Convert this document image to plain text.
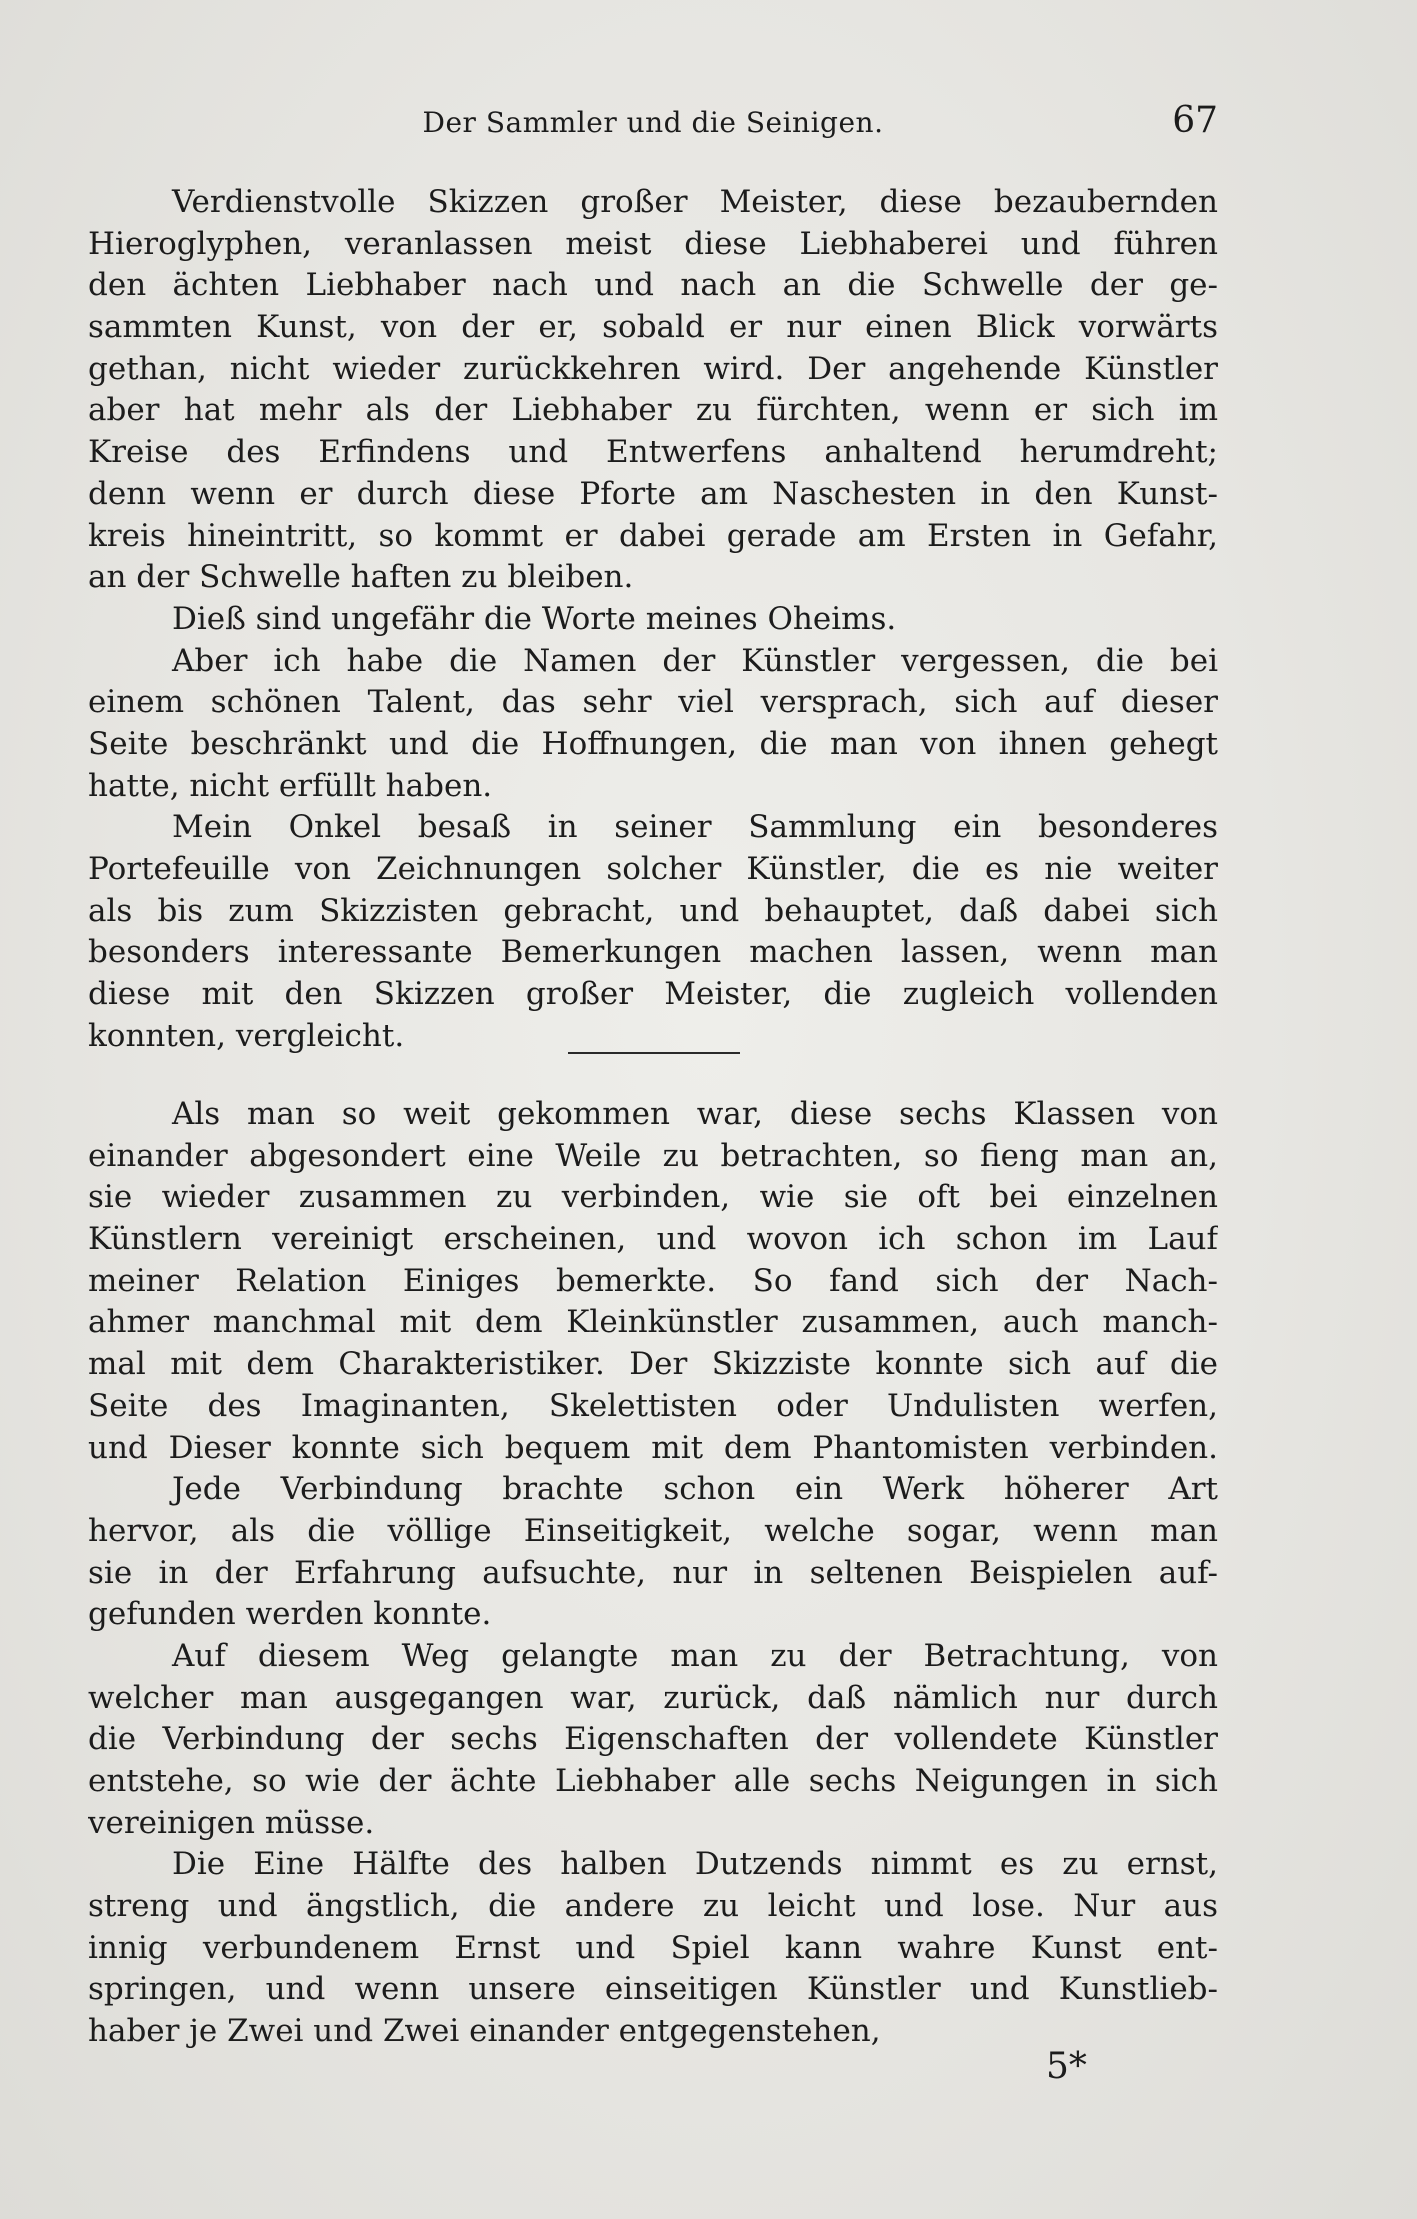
Der Sammler und die Seinigen.	67
Verdienstvolle Skizzen großer Meister, diese bezaubernden
Hieroglyphen, veranlassen meist diese Liebhaberei und führen
den ächten Liebhaber nach und nach an die Schwelle der ge-
sammten Kunst, von der er, sobald er nur einen Blick vorwärts
gethan, nicht wieder zurückkehren wird. Der angehende Künstler
aber hat mehr als der Liebhaber zu fürchten, wenn er sich im
Kreise des Erfindens und Entwerfens anhaltend herumdreht;
denn wenn er durch diese Pforte am Naschesten in den Kunst-
kreis hineintritt, so kommt er dabei gerade am Ersten in Gefahr,
an der Schwelle haften zu bleiben.
Dieß sind ungefähr die Worte meines Oheims.
Aber ich habe die Namen der Künstler vergessen, die bei
einem schönen Talent, das sehr viel versprach, sich auf dieser
Seite beschränkt und die Hoffnungen, die man von ihnen gehegt
hatte, nicht erfüllt haben.
Mein Onkel besaß in seiner Sammlung ein besonderes
Portefeuille von Zeichnungen solcher Künstler, die es nie weiter
als bis zum Skizzisten gebracht, und behauptet, daß dabei sich
besonders interessante Bemerkungen machen lassen, wenn man
diese mit den Skizzen großer Meister, die zugleich vollenden
konnten, vergleicht.
Als man so weit gekommen war, diese sechs Klassen von
einander abgesondert eine Weile zu betrachten, so fieng man an,
sie wieder zusammen zu verbinden, wie sie oft bei einzelnen
Künstlern vereinigt erscheinen, und wovon ich schon im Lauf
meiner Relation Einiges bemerkte. So fand sich der Nach-
ahmer manchmal mit dem Kleinkünstler zusammen, auch manch-
mal mit dem Charakteristiker. Der Skizziste konnte sich auf die
Seite des Imaginanten, Skelettisten oder Undulisten werfen,
und Dieser konnte sich bequem mit dem Phantomisten verbinden.
Jede Verbindung brachte schon ein Werk höherer Art
hervor, als die völlige Einseitigkeit, welche sogar, wenn man
sie in der Erfahrung aufsuchte, nur in seltenen Beispielen auf-
gefunden werden konnte.
Auf diesem Weg gelangte man zu der Betrachtung, von
welcher man ausgegangen war, zurück, daß nämlich nur durch
die Verbindung der sechs Eigenschaften der vollendete Künstler
entstehe, so wie der ächte Liebhaber alle sechs Neigungen in sich
vereinigen müsse.
Die Eine Hälfte des halben Dutzends nimmt es zu ernst,
streng und ängstlich, die andere zu leicht und lose. Nur aus
innig verbundenem Ernst und Spiel kann wahre Kunst ent-
springen, und wenn unsere einseitigen Künstler und Kunstlieb-
haber je Zwei und Zwei einander entgegenstehen,
5*
